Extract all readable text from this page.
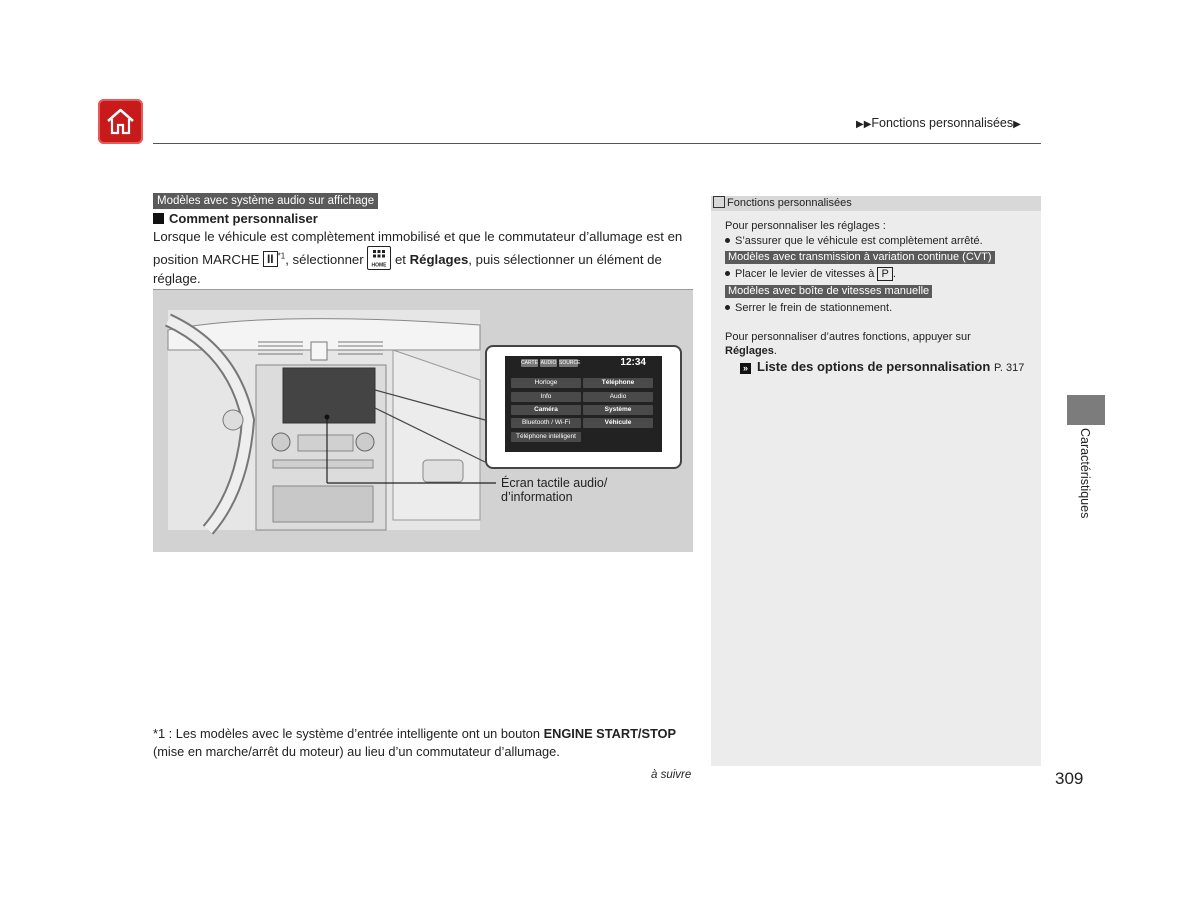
▶▶Fonctions personnalisées▶
Modèles avec système audio sur affichage
Comment personnaliser
Lorsque le véhicule est complètement immobilisé et que le commutateur d’allumage est en position MARCHE II $^{*1}$, sélectionner HOME et Réglages, puis sélectionner un élément de réglage.
CARTE AUDIO SOURCE	12:34
Horloge	Téléphone
Info	Audio
Caméra	Système
Bluetooth / Wi-Fi	Véhicule
Téléphone intelligent
Écran tactile audio/
d’information
Fonctions personnalisées
Pour personnaliser les réglages :
S’assurer que le véhicule est complètement arrêté.
Modèles avec transmission à variation continue (CVT)
Placer le levier de vitesses à P .
Modèles avec boîte de vitesses manuelle
Serrer le frein de stationnement.
Pour personnaliser d’autres fonctions, appuyer sur
Réglages.
» Liste des options de personnalisation P. 317
Caractéristiques
*1 : Les modèles avec le système d’entrée intelligente ont un bouton ENGINE START/STOP
(mise en marche/arrêt du moteur) au lieu d’un commutateur d’allumage.
à suivre	309
